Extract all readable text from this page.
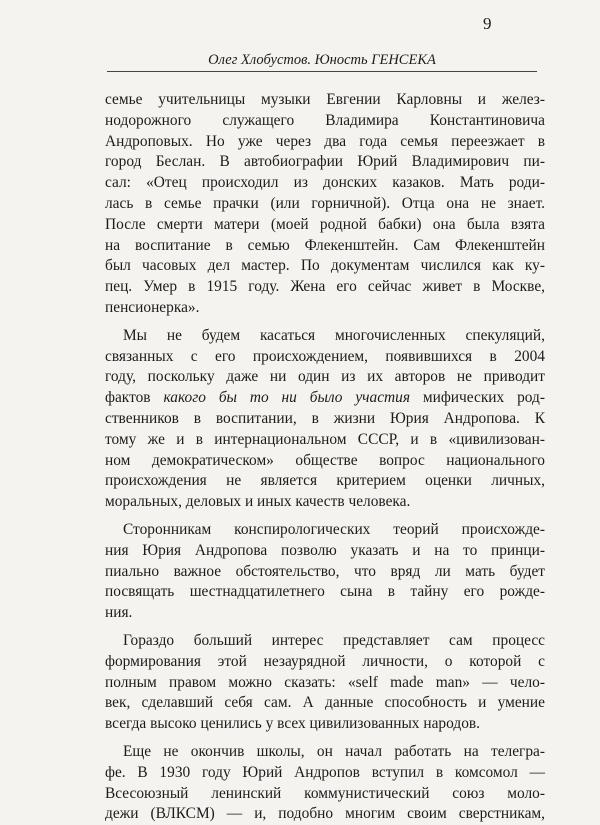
9
Олег Хлобустов. Юность ГЕНСЕКА
семье учительницы музыки Евгении Карловны и желез-
нодорожного служащего Владимира Константиновича
Андроповых. Но уже через два года семья переезжает в
город Беслан. В автобиографии Юрий Владимирович пи-
сал: «Отец происходил из донских казаков. Мать роди-
лась в семье прачки (или горничной). Отца она не знает.
После смерти матери (моей родной бабки) она была взята
на воспитание в семью Флекенштейн. Сам Флекенштейн
был часовых дел мастер. По документам числился как ку-
пец. Умер в 1915 году. Жена его сейчас живет в Москве,
пенсионерка».
Мы не будем касаться многочисленных спекуляций,
связанных с его происхождением, появившихся в 2004
году, поскольку даже ни один из их авторов не приводит
фактов какого бы то ни было участия мифических род-
ственников в воспитании, в жизни Юрия Андропова. К
тому же и в интернациональном СССР, и в «цивилизован-
ном демократическом» обществе вопрос национального
происхождения не является критерием оценки личных,
моральных, деловых и иных качеств человека.
Сторонникам конспирологических теорий происхожде-
ния Юрия Андропова позволю указать и на то принци-
пиально важное обстоятельство, что вряд ли мать будет
посвящать шестнадцатилетнего сына в тайну его рожде-
ния.
Гораздо больший интерес представляет сам процесс
формирования этой незаурядной личности, о которой с
полным правом можно сказать: «self made man» — чело-
век, сделавший себя сам. А данные способность и умение
всегда высоко ценились у всех цивилизованных народов.
Еще не окончив школы, он начал работать на телегра-
фе. В 1930 году Юрий Андропов вступил в комсомол —
Всесоюзный ленинский коммунистический союз моло-
дежи (ВЛКСМ) — и, подобно многим своим сверстникам,
